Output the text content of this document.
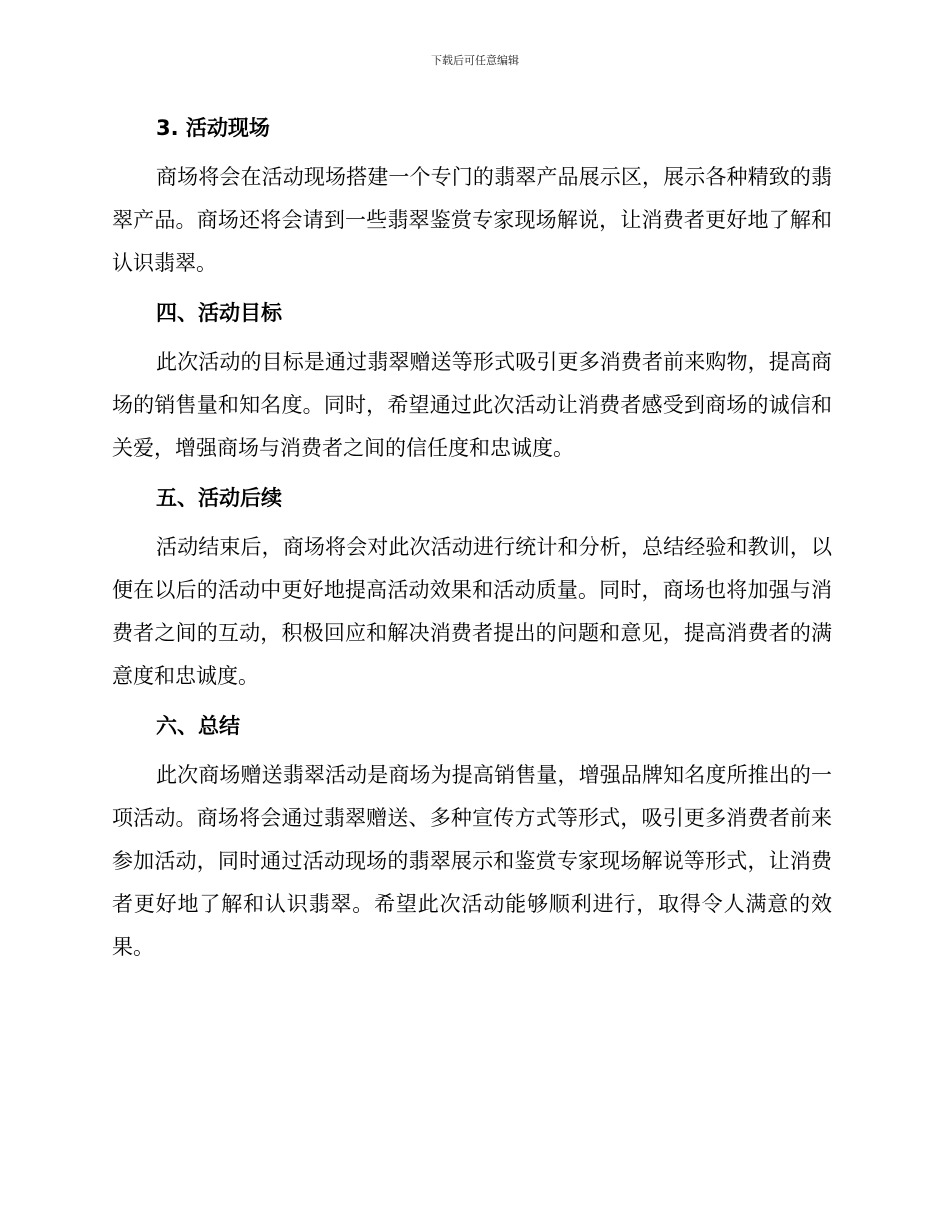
下载后可任意编辑
3. 活动现场

商场将会在活动现场搭建一个专门的翡翠产品展示区，展示各种精致的翡翠产品。商场还将会请到一些翡翠鉴赏专家现场解说，让消费者更好地了解和认识翡翠。

四、活动目标

此次活动的目标是通过翡翠赠送等形式吸引更多消费者前来购物，提高商场的销售量和知名度。同时，希望通过此次活动让消费者感受到商场的诚信和关爱，增强商场与消费者之间的信任度和忠诚度。

五、活动后续

活动结束后，商场将会对此次活动进行统计和分析，总结经验和教训，以便在以后的活动中更好地提高活动效果和活动质量。同时，商场也将加强与消费者之间的互动，积极回应和解决消费者提出的问题和意见，提高消费者的满意度和忠诚度。

六、总结

此次商场赠送翡翠活动是商场为提高销售量，增强品牌知名度所推出的一项活动。商场将会通过翡翠赠送、多种宣传方式等形式，吸引更多消费者前来参加活动，同时通过活动现场的翡翠展示和鉴赏专家现场解说等形式，让消费者更好地了解和认识翡翠。希望此次活动能够顺利进行，取得令人满意的效果。
